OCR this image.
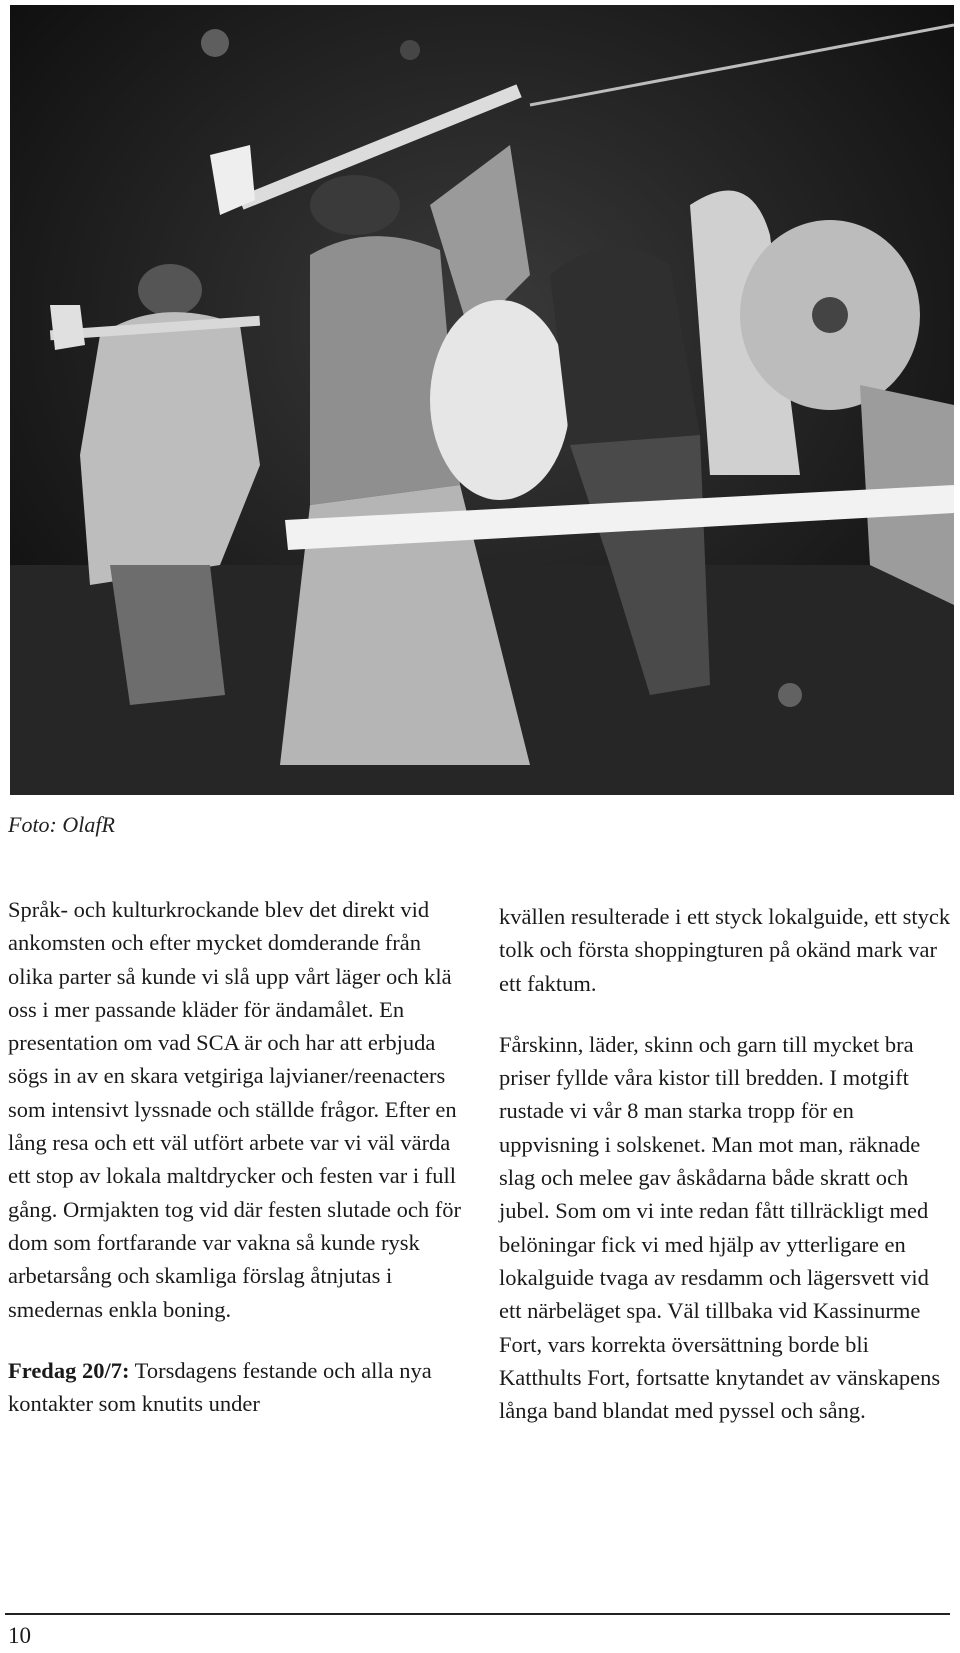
Foto: OlafR

Språk- och kulturkrockande blev det direkt vid ankomsten och efter mycket domderande från olika parter så kunde vi slå upp vårt läger och klä oss i mer passande kläder för ändamålet. En presentation om vad SCA är och har att erbjuda sögs in av en skara vetgiriga lajvianer/reenacters som intensivt lyssnade och ställde frågor. Efter en lång resa och ett väl utfört arbete var vi väl värda ett stop av lokala maltdrycker och festen var i full gång. Ormjakten tog vid där festen slutade och för dom som fortfarande var vakna så kunde rysk arbetarsång och skamliga förslag åtnjutas i smedernas enkla boning.

Fredag 20/7: Torsdagens festande och alla nya kontakter som knutits under

kvällen resulterade i ett styck lokalguide, ett styck tolk och första shoppingturen på okänd mark var ett faktum.

Fårskinn, läder, skinn och garn till mycket bra priser fyllde våra kistor till bredden. I motgift rustade vi vår 8 man starka tropp för en uppvisning i solskenet. Man mot man, räknade slag och melee gav åskådarna både skratt och jubel. Som om vi inte redan fått tillräckligt med belöningar fick vi med hjälp av ytterligare en lokalguide tvaga av resdamm och lägersvett vid ett närbeläget spa. Väl tillbaka vid Kassinurme Fort, vars korrekta översättning borde bli Katthults Fort, fortsatte knytandet av vänskapens långa band blandat med pyssel och sång.

10
